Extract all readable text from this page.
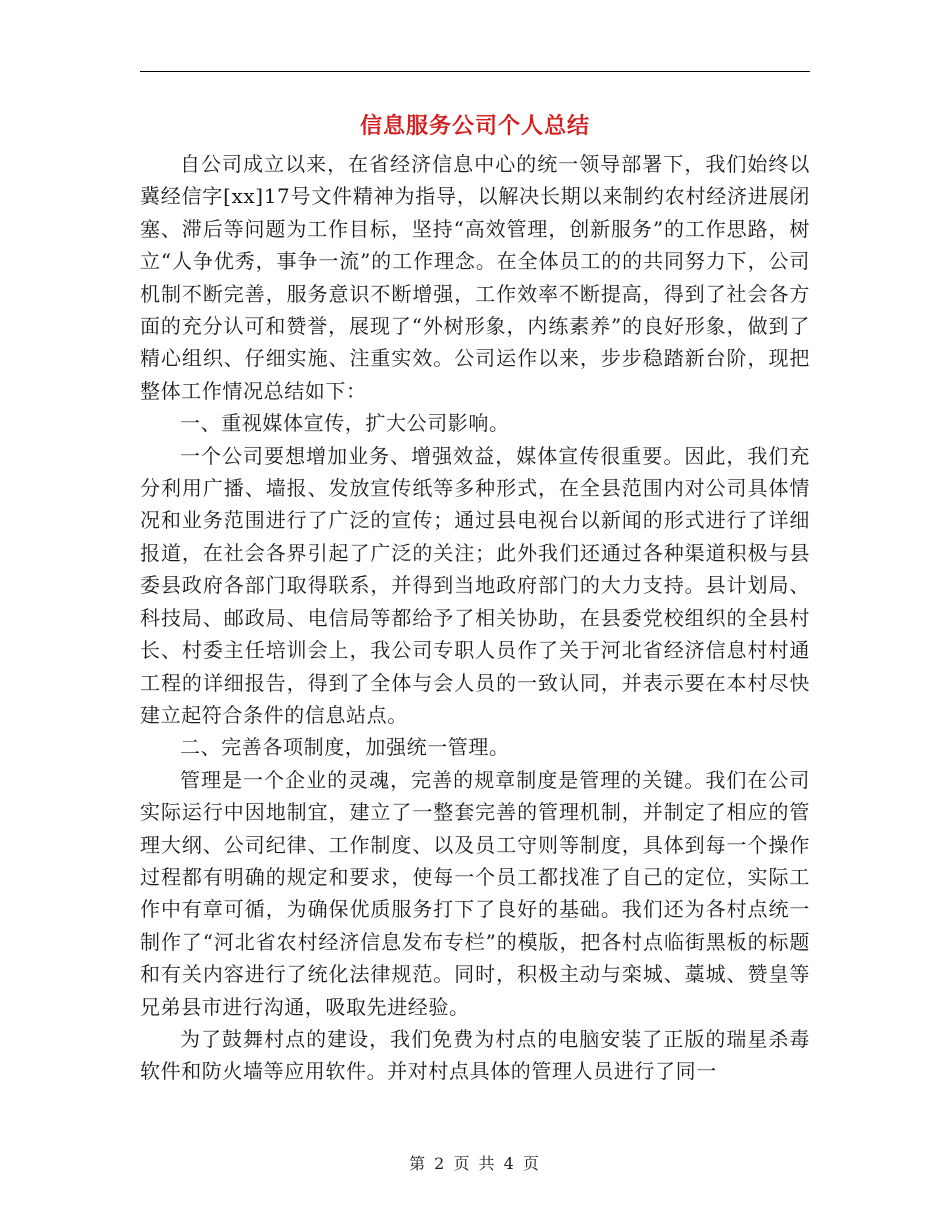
信息服务公司个人总结

自公司成立以来，在省经济信息中心的统一领导部署下，我们始终以冀经信字[xx]17号文件精神为指导，以解决长期以来制约农村经济进展闭塞、滞后等问题为工作目标，坚持“高效管理，创新服务”的工作思路，树立“人争优秀，事争一流”的工作理念。在全体员工的的共同努力下，公司机制不断完善，服务意识不断增强，工作效率不断提高，得到了社会各方面的充分认可和赞誉，展现了“外树形象，内练素养”的良好形象，做到了精心组织、仔细实施、注重实效。公司运作以来，步步稳踏新台阶，现把整体工作情况总结如下：

一、重视媒体宣传，扩大公司影响。

一个公司要想增加业务、增强效益，媒体宣传很重要。因此，我们充分利用广播、墙报、发放宣传纸等多种形式，在全县范围内对公司具体情况和业务范围进行了广泛的宣传；通过县电视台以新闻的形式进行了详细报道，在社会各界引起了广泛的关注；此外我们还通过各种渠道积极与县委县政府各部门取得联系，并得到当地政府部门的大力支持。县计划局、科技局、邮政局、电信局等都给予了相关协助，在县委党校组织的全县村长、村委主任培训会上，我公司专职人员作了关于河北省经济信息村村通工程的详细报告，得到了全体与会人员的一致认同，并表示要在本村尽快建立起符合条件的信息站点。

二、完善各项制度，加强统一管理。

管理是一个企业的灵魂，完善的规章制度是管理的关键。我们在公司实际运行中因地制宜，建立了一整套完善的管理机制，并制定了相应的管理大纲、公司纪律、工作制度、以及员工守则等制度，具体到每一个操作过程都有明确的规定和要求，使每一个员工都找准了自己的定位，实际工作中有章可循，为确保优质服务打下了良好的基础。我们还为各村点统一制作了“河北省农村经济信息发布专栏”的模版，把各村点临街黑板的标题和有关内容进行了统化法律规范。同时，积极主动与栾城、藁城、赞皇等兄弟县市进行沟通，吸取先进经验。

为了鼓舞村点的建设，我们免费为村点的电脑安装了正版的瑞星杀毒软件和防火墙等应用软件。并对村点具体的管理人员进行了同一

第 2 页 共 4 页
